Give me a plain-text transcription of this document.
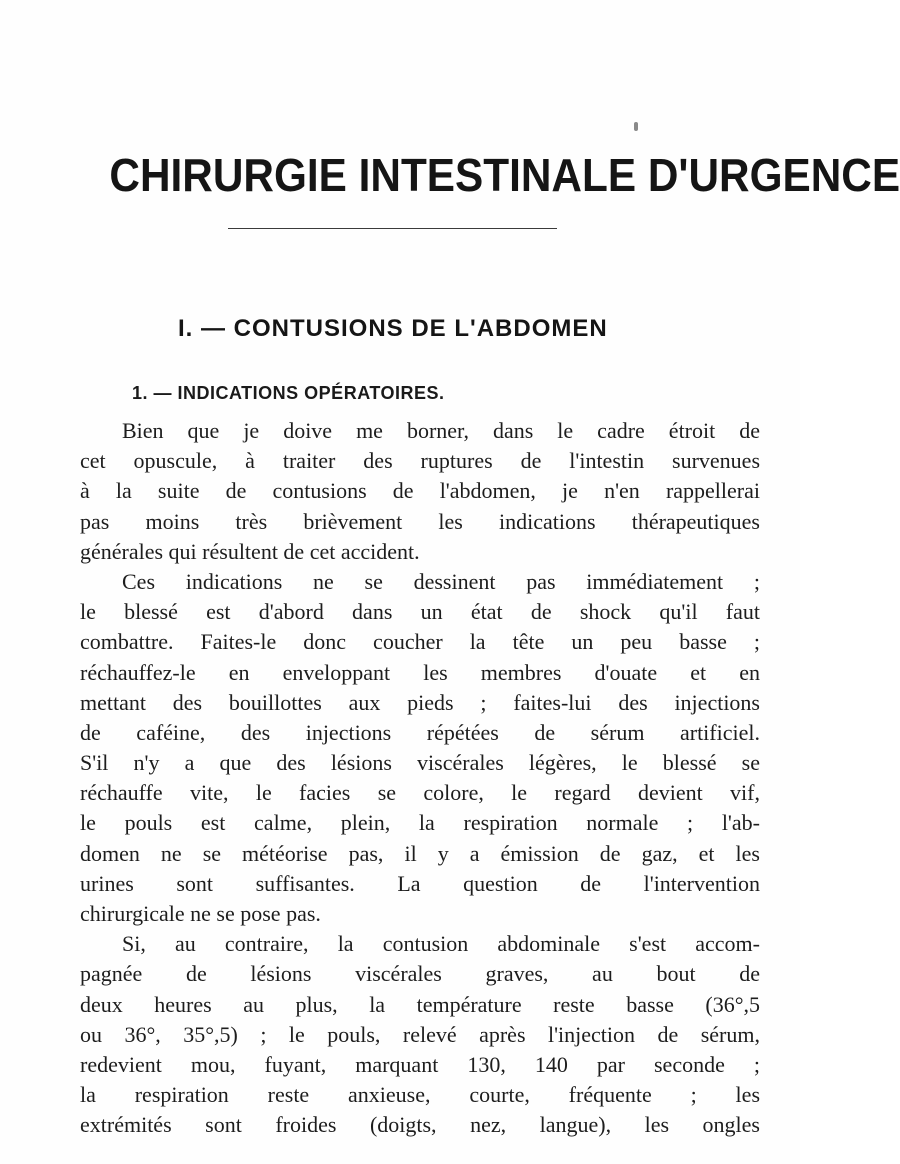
CHIRURGIE INTESTINALE D'URGENCE
I. — CONTUSIONS DE L'ABDOMEN
1. — INDICATIONS OPÉRATOIRES.
Bien que je doive me borner, dans le cadre étroit de
cet opuscule, à traiter des ruptures de l'intestin survenues
à la suite de contusions de l'abdomen, je n'en rappellerai
pas moins très brièvement les indications thérapeutiques
générales qui résultent de cet accident.
Ces indications ne se dessinent pas immédiatement ;
le blessé est d'abord dans un état de shock qu'il faut
combattre. Faites-le donc coucher la tête un peu basse ;
réchauffez-le en enveloppant les membres d'ouate et en
mettant des bouillottes aux pieds ; faites-lui des injections
de caféine, des injections répétées de sérum artificiel.
S'il n'y a que des lésions viscérales légères, le blessé se
réchauffe vite, le facies se colore, le regard devient vif,
le pouls est calme, plein, la respiration normale ; l'ab-
domen ne se météorise pas, il y a émission de gaz, et les
urines sont suffisantes. La question de l'intervention
chirurgicale ne se pose pas.
Si, au contraire, la contusion abdominale s'est accom-
pagnée de lésions viscérales graves, au bout de
deux heures au plus, la température reste basse (36°,5
ou 36°, 35°,5) ; le pouls, relevé après l'injection de sérum,
redevient mou, fuyant, marquant 130, 140 par seconde ;
la respiration reste anxieuse, courte, fréquente ; les
extrémités sont froides (doigts, nez, langue), les ongles
